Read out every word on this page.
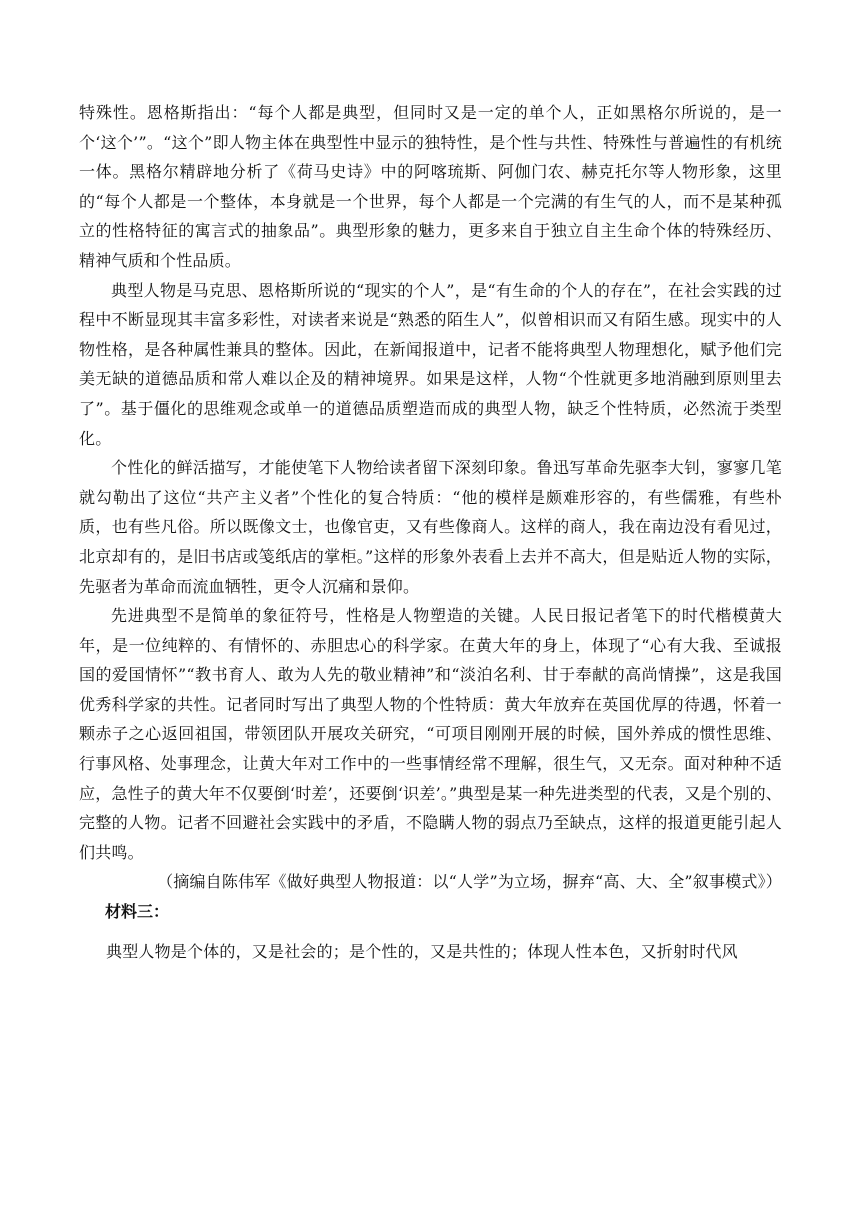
特殊性。恩格斯指出：“每个人都是典型，但同时又是一定的单个人，正如黑格尔所说的，是一个‘这个’”。“这个”即人物主体在典型性中显示的独特性，是个性与共性、特殊性与普遍性的有机统一体。黑格尔精辟地分析了《荷马史诗》中的阿喀琉斯、阿伽门农、赫克托尔等人物形象，这里的“每个人都是一个整体，本身就是一个世界，每个人都是一个完满的有生气的人，而不是某种孤立的性格特征的寓言式的抽象品”。典型形象的魅力，更多来自于独立自主生命个体的特殊经历、精神气质和个性品质。

典型人物是马克思、恩格斯所说的“现实的个人”，是“有生命的个人的存在”，在社会实践的过程中不断显现其丰富多彩性，对读者来说是“熟悉的陌生人”，似曾相识而又有陌生感。现实中的人物性格，是各种属性兼具的整体。因此，在新闻报道中，记者不能将典型人物理想化，赋予他们完美无缺的道德品质和常人难以企及的精神境界。如果是这样，人物“个性就更多地消融到原则里去了”。基于僵化的思维观念或单一的道德品质塑造而成的典型人物，缺乏个性特质，必然流于类型化。

个性化的鲜活描写，才能使笔下人物给读者留下深刻印象。鲁迅写革命先驱李大钊，寥寥几笔就勾勒出了这位“共产主义者”个性化的复合特质：“他的模样是颇难形容的，有些儒雅，有些朴质，也有些凡俗。所以既像文士，也像官吏，又有些像商人。这样的商人，我在南边没有看见过，北京却有的，是旧书店或笺纸店的掌柜。”这样的形象外表看上去并不高大，但是贴近人物的实际，先驱者为革命而流血牺牲，更令人沉痛和景仰。

先进典型不是简单的象征符号，性格是人物塑造的关键。人民日报记者笔下的时代楷模黄大年，是一位纯粹的、有情怀的、赤胆忠心的科学家。在黄大年的身上，体现了“心有大我、至诚报国的爱国情怀”“教书育人、敢为人先的敬业精神”和“淡泊名利、甘于奉献的高尚情操”，这是我国优秀科学家的共性。记者同时写出了典型人物的个性特质：黄大年放弃在英国优厚的待遇，怀着一颗赤子之心返回祖国，带领团队开展攻关研究，“可项目刚刚开展的时候，国外养成的惯性思维、行事风格、处事理念，让黄大年对工作中的一些事情经常不理解，很生气，又无奈。面对种种不适应，急性子的黄大年不仅要倒‘时差’，还要倒‘识差’。”典型是某一种先进类型的代表，又是个别的、完整的人物。记者不回避社会实践中的矛盾，不隐瞒人物的弱点乃至缺点，这样的报道更能引起人们共鸣。

（摘编自陈伟军《做好典型人物报道：以“人学”为立场，摒弃“高、大、全”叙事模式》）

材料三：

典型人物是个体的，又是社会的；是个性的，又是共性的；体现人性本色，又折射时代风
